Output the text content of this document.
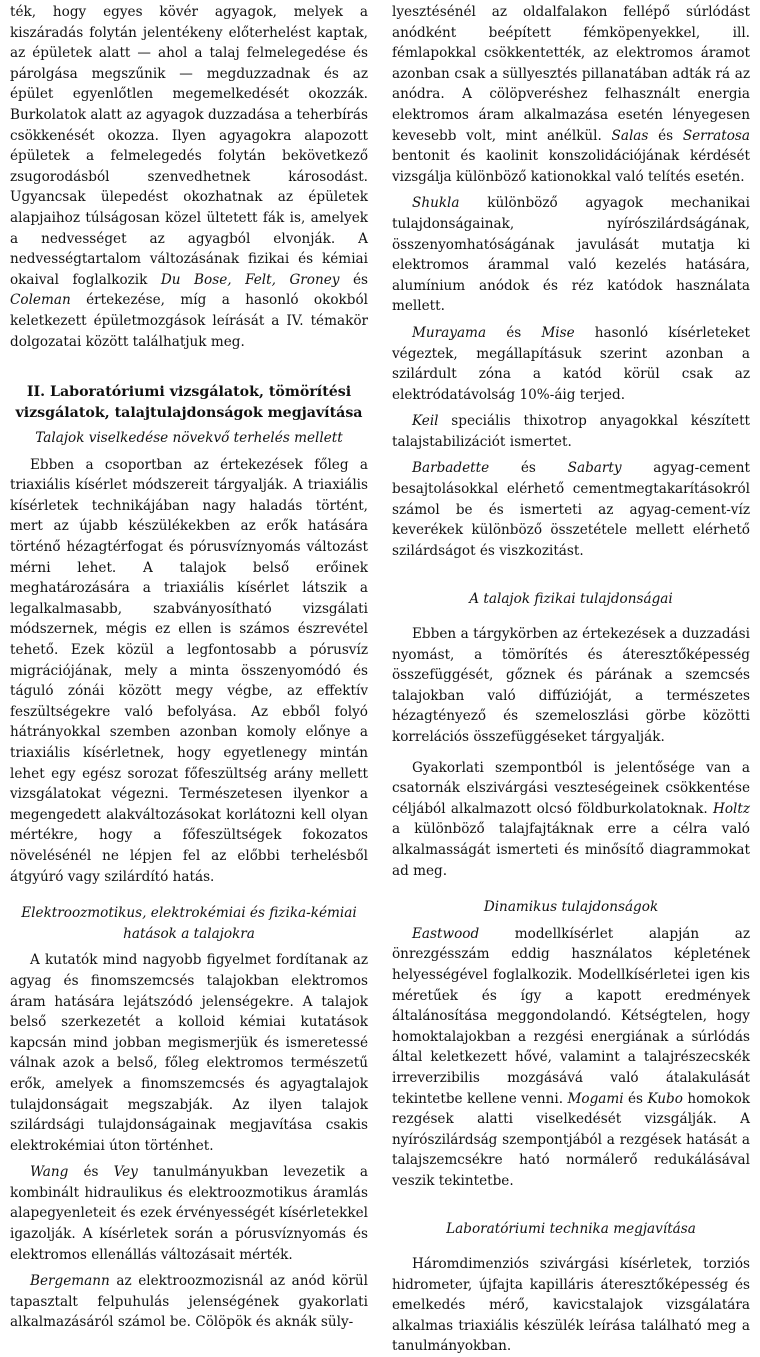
ték, hogy egyes kövér agyagok, melyek a kiszáradás folytán jelentékeny előterhelést kaptak, az épületek alatt — ahol a talaj felmelegedése és párolgása megszűnik — megduzzadnak és az épület egyenlőtlen megemelkedését okozzák. Burkolatok alatt az agyagok duzzadása a teherbírás csökkenését okozza. Ilyen agyagokra alapozott épületek a felmelegedés folytán bekövetkező zsugorodásból szenvedhetnek károsodást. Ugyancsak ülepedést okozhatnak az épületek alapjaihoz túlságosan közel ültetett fák is, amelyek a nedvességet az agyagból elvonják. A nedvességtartalom változásának fizikai és kémiai okaival foglalkozik Du Bose, Felt, Groney és Coleman értekezése, míg a hasonló okokból keletkezett épületmozgások leírását a IV. témakör dolgozatai között találhatjuk meg.

II. Laboratóriumi vizsgálatok, tömörítési vizsgálatok, talajtulajdonságok megjavítása
Talajok viselkedése növekvő terhelés mellett

Ebben a csoportban az értekezések főleg a triaxiális kísérlet módszereit tárgyalják. A triaxiális kísérletek technikájában nagy haladás történt, mert az újabb készülékekben az erők hatására történő hézagtérfogat és pórusvíznyomás változást mérni lehet. A talajok belső erőinek meghatározására a triaxiális kísérlet látszik a legalkalmasabb, szabványosítható vizsgálati módszernek, mégis ez ellen is számos észrevétel tehető. Ezek közül a legfontosabb a pórusvíz migrációjának, mely a minta összenyomódó és táguló zónái között megy végbe, az effektív feszültségekre való befolyása. Az ebből folyó hátrányokkal szemben azonban komoly előnye a triaxiális kísérletnek, hogy egyetlenegy mintán lehet egy egész sorozat főfeszültség arány mellett vizsgálatokat végezni. Természetesen ilyenkor a megengedett alakváltozásokat korlátozni kell olyan mértékre, hogy a főfeszültségek fokozatos növelésénél ne lépjen fel az előbbi terhelésből átgyúró vagy szilárdító hatás.

Elektroozmotikus, elektrokémiai és fizika-kémiai hatások a talajokra

A kutatók mind nagyobb figyelmet fordítanak az agyag és finomszemcsés talajokban elektromos áram hatására lejátszódó jelenségekre. A talajok belső szerkezetét a kolloid kémiai kutatások kapcsán mind jobban megismerjük és ismeretessé válnak azok a belső, főleg elektromos természetű erők, amelyek a finomszemcsés és agyagtalajok tulajdonságait megszabják. Az ilyen talajok szilárdsági tulajdonságainak megjavítása csakis elektrokémiai úton történhet.

Wang és Vey tanulmányukban levezetik a kombinált hidraulikus és elektroozmotikus áramlás alapegyenleteit és ezek érvényességét kísérletekkel igazolják. A kísérletek során a pórusvíznyomás és elektromos ellenállás változásait mérték.

Bergemann az elektroozmozisnál az anód körül tapasztalt felpuhulás jelenségének gyakorlati alkalmazásáról számol be. Cölöpök és aknák süly-

lyesztésénél az oldalfalakon fellépő súrlódást anódként beépített fémköpenyekkel, ill. fémlapokkal csökkentették, az elektromos áramot azonban csak a süllyesztés pillanatában adták rá az anódra. A cölöpveréshez felhasznált energia elektromos áram alkalmazása esetén lényegesen kevesebb volt, mint anélkül. Salas és Serratosa bentonit és kaolinit konszolidációjának kérdését vizsgálja különböző kationokkal való telítés esetén.

Shukla különböző agyagok mechanikai tulajdonságainak, nyírószilárdságának, összenyomhatóságának javulását mutatja ki elektromos árammal való kezelés hatására, alumínium anódok és réz katódok használata mellett.

Murayama és Mise hasonló kísérleteket végeztek, megállapításuk szerint azonban a szilárdult zóna a katód körül csak az elektródatávolság 10%-áig terjed.

Keil speciális thixotrop anyagokkal készített talajstabilizációt ismertet.

Barbadette és Sabarty agyag-cement besajtolásokkal elérhető cementmegtakarításokról számol be és ismerteti az agyag-cement-víz keverékek különböző összetétele mellett elérhető szilárdságot és viszkozitást.

A talajok fizikai tulajdonságai

Ebben a tárgykörben az értekezések a duzzadási nyomást, a tömörítés és áteresztőképesség összefüggését, gőznek és párának a szemcsés talajokban való diffúzióját, a természetes hézagtényező és szemeloszlási görbe közötti korrelációs összefüggéseket tárgyalják.

Gyakorlati szempontból is jelentősége van a csatornák elszivárgási veszteségeinek csökkentése céljából alkalmazott olcsó földburkolatoknak. Holtz a különböző talajfajtáknak erre a célra való alkalmasságát ismerteti és minősítő diagrammokat ad meg.

Dinamikus tulajdonságok

Eastwood modellkísérlet alapján az önrezgésszám eddig használatos képletének helyességével foglalkozik. Modellkísérletei igen kis méretűek és így a kapott eredmények általánosítása meggondolandó. Kétségtelen, hogy homoktalajokban a rezgési energiának a súrlódás által keletkezett hővé, valamint a talajrészecskék irreverzibilis mozgásává való átalakulását tekintetbe kellene venni. Mogami és Kubo homokok rezgések alatti viselkedését vizsgálják. A nyírószilárdság szempontjából a rezgések hatását a talajszemcsékre ható normálerő redukálásával veszik tekintetbe.

Laboratóriumi technika megjavítása

Háromdimenziós szivárgási kísérletek, torziós hidrometer, újfajta kapilláris áteresztőképesség és emelkedés mérő, kavicstalajok vizsgálatára alkalmas triaxiális készülék leírása található meg a tanulmányokban.
